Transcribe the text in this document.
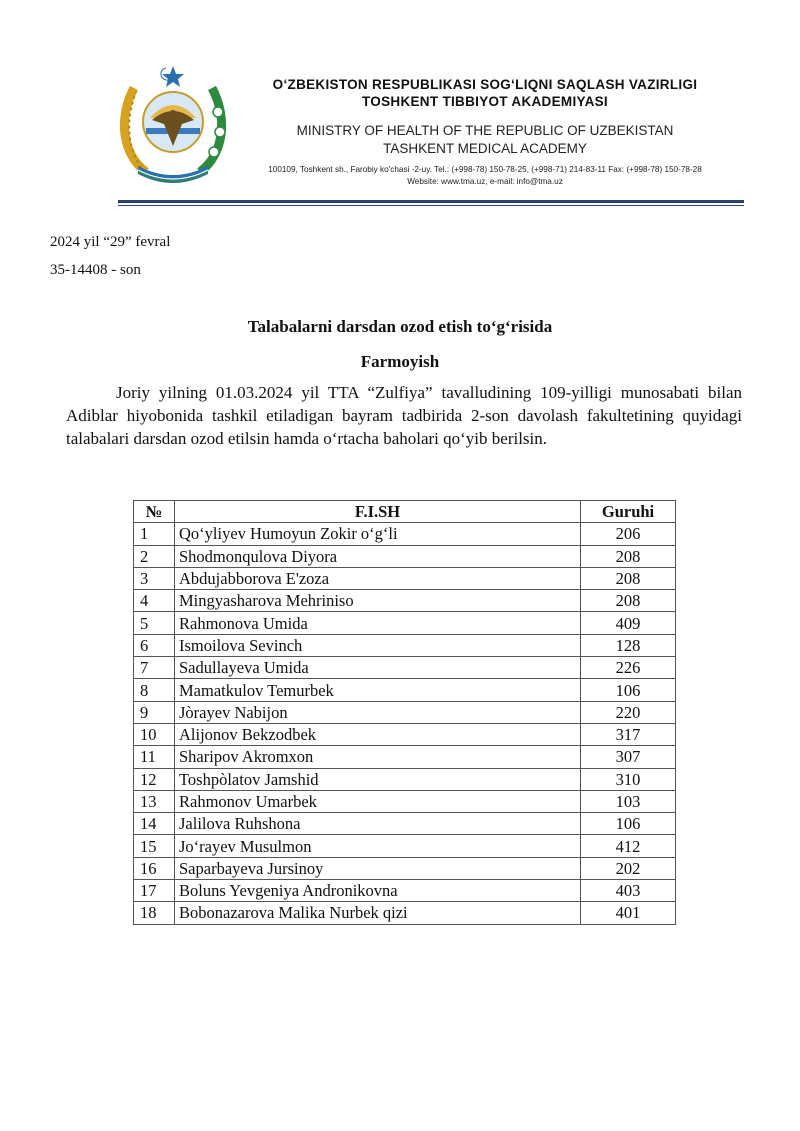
O‘ZBEKISTON RESPUBLIKASI SOG‘LIQNI SAQLASH VAZIRLIGI
TOSHKENT TIBBIYOT AKADEMIYASI
MINISTRY OF HEALTH OF THE REPUBLIC OF UZBEKISTAN
TASHKENT MEDICAL ACADEMY
100109, Toshkent sh., Farobiy ko'chasi -2-uy. Tel.: (+998-78) 150-78-25, (+998-71) 214-83-11 Fax: (+998-78) 150-78-28
Website: www.tma.uz, e-mail: info@tma.uz
2024 yil “29” fevral
35-14408 - son
Talabalarni darsdan ozod etish to‘g‘risida
Farmoyish
Joriy yilning 01.03.2024 yil TTA “Zulfiya” tavalludining 109-yilligi munosabati bilan Adiblar hiyobonida tashkil etiladigan bayram tadbirida 2-son davolash fakultetining quyidagi talabalari darsdan ozod etilsin hamda o‘rtacha baholari qo‘yib berilsin.
№	F.I.SH	Guruhi
1	Qo‘yliyev Humoyun Zokir o‘g‘li	206
2	Shodmonqulova Diyora	208
3	Abdujabborova E'zoza	208
4	Mingyasharova Mehriniso	208
5	Rahmonova Umida	409
6	Ismoilova Sevinch	128
7	Sadullayeva Umida	226
8	Mamatkulov Temurbek	106
9	Jòrayev Nabijon	220
10	Alijonov Bekzodbek	317
11	Sharipov Akromxon	307
12	Toshpòlatov Jamshid	310
13	Rahmonov Umarbek	103
14	Jalilova Ruhshona	106
15	Jo‘rayev Musulmon	412
16	Saparbayeva Jursinoy	202
17	Boluns Yevgeniya Andronikovna	403
18	Bobonazarova Malika Nurbek qizi	401
